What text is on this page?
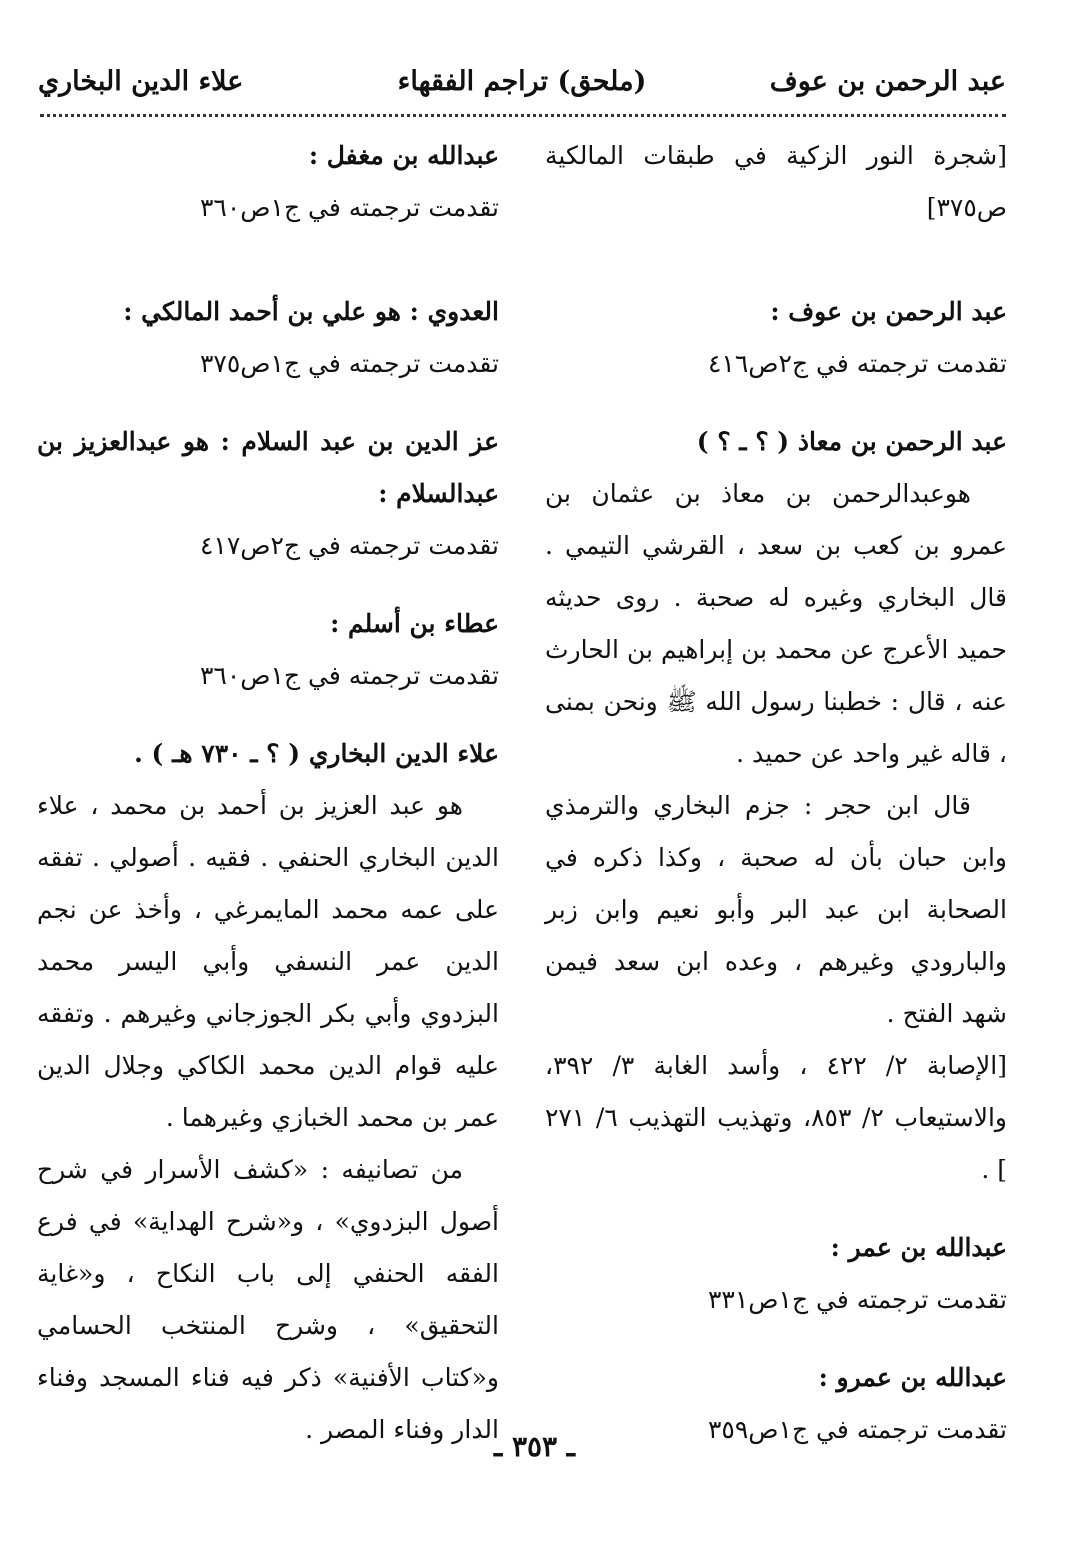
عبد الرحمن بن عوف
(ملحق) تراجم الفقهاء
علاء الدين البخاري

[شجرة النور الزكية في طبقات المالكية ص٣٧٥]

عبد الرحمن بن عوف :

تقدمت ترجمته في ج٢ص٤١٦

عبد الرحمن بن معاذ ( ؟ ـ ؟ )

هوعبدالرحمن بن معاذ بن عثمان بن عمرو بن كعب بن سعد ، القرشي التيمي . قال البخاري وغيره له صحبة . روى حديثه حميد الأعرج عن محمد بن إبراهيم بن الحارث عنه ، قال : خطبنا رسول الله ﷺ ونحن بمنى ، قاله غير واحد عن حميد .

قال ابن حجر : جزم البخاري والترمذي وابن حبان بأن له صحبة ، وكذا ذكره في الصحابة ابن عبد البر وأبو نعيم وابن زبر والبارودي وغيرهم ، وعده ابن سعد فيمن شهد الفتح .

[الإصابة ٢/ ٤٢٢ ، وأسد الغابة ٣/ ٣٩٢، والاستيعاب ٢/ ٨٥٣، وتهذيب التهذيب ٦/ ٢٧١ ] .

عبدالله بن عمر :

تقدمت ترجمته في ج١ص٣٣١

عبدالله بن عمرو :

تقدمت ترجمته في ج١ص٣٥٩

عبدالله بن مغفل :

تقدمت ترجمته في ج١ص٣٦٠

العدوي : هو علي بن أحمد المالكي :

تقدمت ترجمته في ج١ص٣٧٥

عز الدين بن عبد السلام : هو عبدالعزيز بن عبدالسلام :

تقدمت ترجمته في ج٢ص٤١٧

عطاء بن أسلم :

تقدمت ترجمته في ج١ص٣٦٠

علاء الدين البخاري ( ؟ ـ ٧٣٠ هـ ) .

هو عبد العزيز بن أحمد بن محمد ، علاء الدين البخاري الحنفي . فقيه . أصولي . تفقه على عمه محمد المايمرغي ، وأخذ عن نجم الدين عمر النسفي وأبي اليسر محمد البزدوي وأبي بكر الجوزجاني وغيرهم . وتفقه عليه قوام الدين محمد الكاكي وجلال الدين عمر بن محمد الخبازي وغيرهما .

من تصانيفه : «كشف الأسرار في شرح أصول البزدوي» ، و«شرح الهداية» في فرع الفقه الحنفي إلى باب النكاح ، و«غاية التحقيق» ، وشرح المنتخب الحسامي و«كتاب الأفنية» ذكر فيه فناء المسجد وفناء الدار وفناء المصر .

ـ ٣٥٣ ـ
